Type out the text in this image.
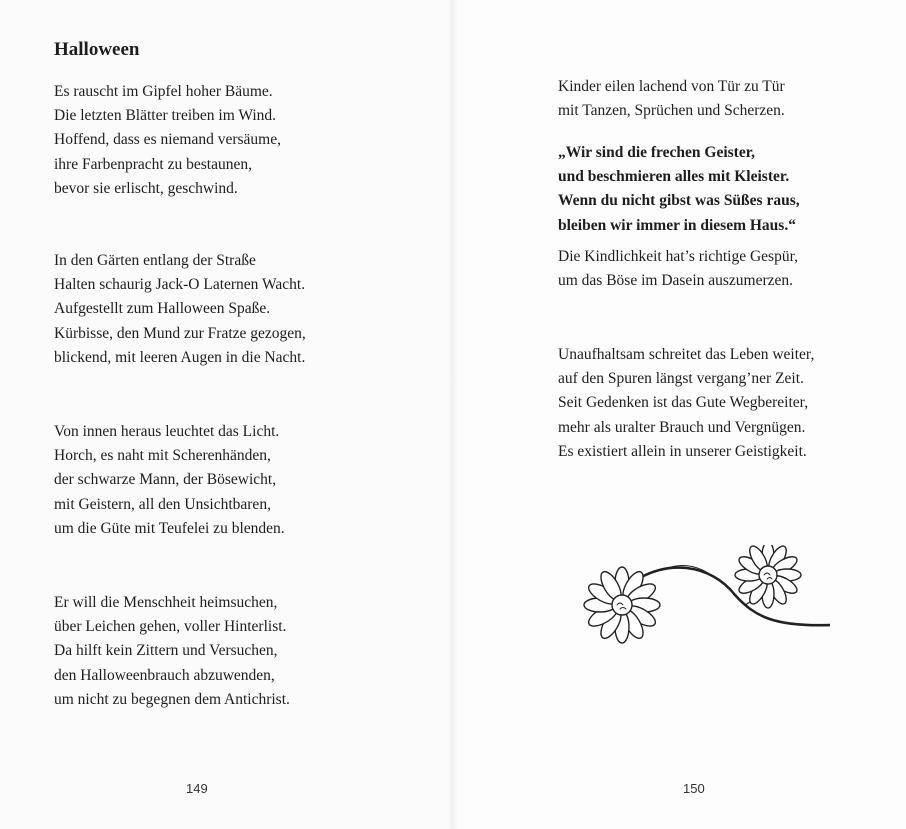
Halloween
Es rauscht im Gipfel hoher Bäume.
Die letzten Blätter treiben im Wind.
Hoffend, dass es niemand versäume,
ihre Farbenpracht zu bestaunen,
bevor sie erlischt, geschwind.
In den Gärten entlang der Straße
Halten schaurig Jack-O Laternen Wacht.
Aufgestellt zum Halloween Spaße.
Kürbisse, den Mund zur Fratze gezogen,
blickend, mit leeren Augen in die Nacht.
Von innen heraus leuchtet das Licht.
Horch, es naht mit Scherenhänden,
der schwarze Mann, der Bösewicht,
mit Geistern, all den Unsichtbaren,
um die Güte mit Teufelei zu blenden.
Er will die Menschheit heimsuchen,
über Leichen gehen, voller Hinterlist.
Da hilft kein Zittern und Versuchen,
den Halloweenbrauch abzuwenden,
um nicht zu begegnen dem Antichrist.
149
Kinder eilen lachend von Tür zu Tür
mit Tanzen, Sprüchen und Scherzen.
„Wir sind die frechen Geister,
und beschmieren alles mit Kleister.
Wenn du nicht gibst was Süßes raus,
bleiben wir immer in diesem Haus.“
Die Kindlichkeit hat’s richtige Gespür,
um das Böse im Dasein auszumerzen.
Unaufhaltsam schreitet das Leben weiter,
auf den Spuren längst vergang’ner Zeit.
Seit Gedenken ist das Gute Wegbereiter,
mehr als uralter Brauch und Vergnügen.
Es existiert allein in unserer Geistigkeit.
150
